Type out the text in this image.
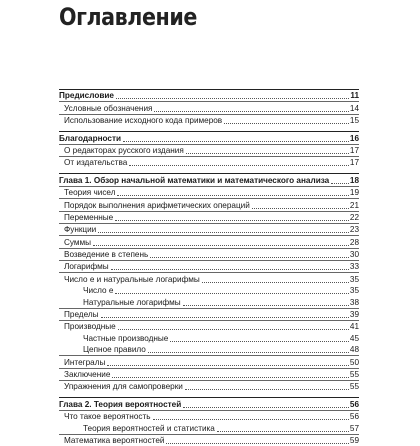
Оглавление
Предисловие	11
Условные обозначения	14
Использование исходного кода примеров	15
Благодарности	16
О редакторах русского издания	17
От издательства	17
Глава 1. Обзор начальной математики и математического анализа	18
Теория чисел	19
Порядок выполнения арифметических операций	21
Переменные	22
Функции	23
Суммы	28
Возведение в степень	30
Логарифмы	33
Число e и натуральные логарифмы	35
Число e	35
Натуральные логарифмы	38
Пределы	39
Производные	41
Частные производные	45
Цепное правило	48
Интегралы	50
Заключение	55
Упражнения для самопроверки	55
Глава 2. Теория вероятностей	56
Что такое вероятность	56
Теория вероятностей и статистика	57
Математика вероятностей	59
